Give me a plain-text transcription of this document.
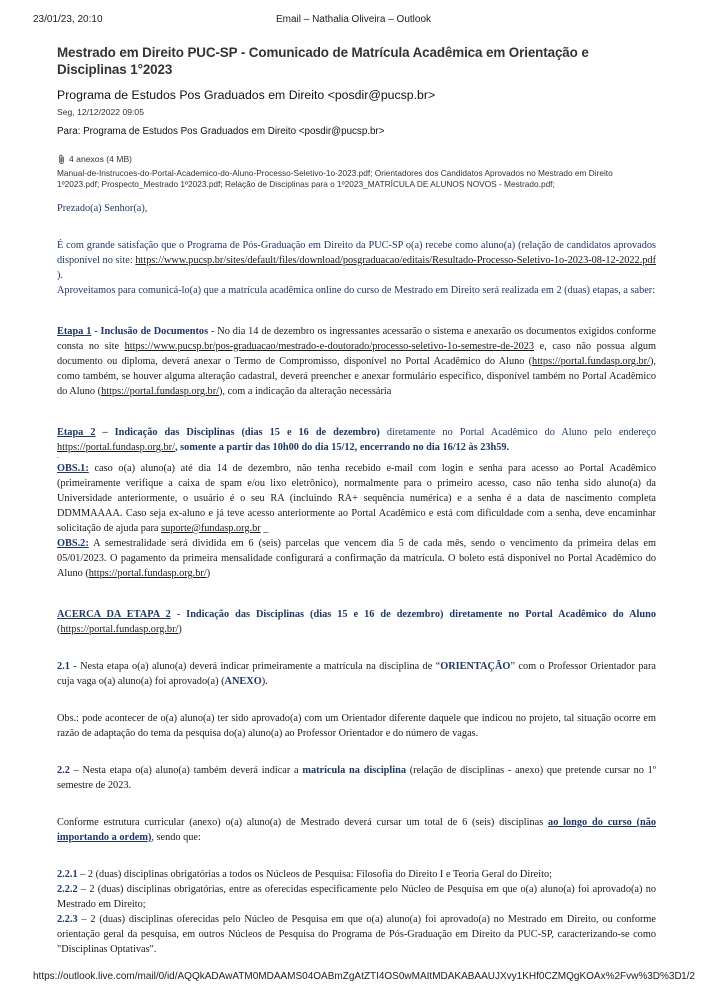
23/01/23, 20:10	Email – Nathalia Oliveira – Outlook
Mestrado em Direito PUC-SP - Comunicado de Matrícula Acadêmica em Orientação e Disciplinas 1°2023
Programa de Estudos Pos Graduados em Direito <posdir@pucsp.br>
Seg, 12/12/2022 09:05
Para: Programa de Estudos Pos Graduados em Direito <posdir@pucsp.br>
4 anexos (4 MB)
Manual-de-Instrucoes-do-Portal-Academico-do-Aluno-Processo-Seletivo-1o-2023.pdf; Orientadores dos Candidatos Aprovados no Mestrado em Direito 1º2023.pdf; Prospecto_Mestrado 1º2023.pdf; Relação de Disciplinas para o 1º2023_MATRÍCULA DE ALUNOS NOVOS - Mestrado.pdf;

Prezado(a) Senhor(a),

É com grande satisfação que o Programa de Pós-Graduação em Direito da PUC-SP o(a) recebe como aluno(a) (relação de candidatos aprovados disponível no site: https://www.pucsp.br/sites/default/files/download/posgraduacao/editais/Resultado-Processo-Seletivo-1o-2023-08-12-2022.pdf ).

Aproveitamos para comunicá-lo(a) que a matrícula acadêmica online do curso de Mestrado em Direito será realizada em 2 (duas) etapas, a saber:

Etapa 1 - Inclusão de Documentos - No dia 14 de dezembro os ingressantes acessarão o sistema e anexarão os documentos exigidos conforme consta no site https://www.pucsp.br/pos-graduacao/mestrado-e-doutorado/processo-seletivo-1o-semestre-de-2023 e, caso não possua algum documento ou diploma, deverá anexar o Termo de Compromisso, disponível no Portal Acadêmico do Aluno (https://portal.fundasp.org.br/), como também, se houver alguma alteração cadastral, deverá preencher e anexar formulário específico, disponível também no Portal Acadêmico do Aluno (https://portal.fundasp.org.br/), com a indicação da alteração necessária

Etapa 2 – Indicação das Disciplinas (dias 15 e 16 de dezembro) diretamente no Portal Acadêmico do Aluno pelo endereço https://portal.fundasp.org.br/, somente a partir das 10h00 do dia 15/12, encerrando no dia 16/12 às 23h59.

-

OBS.1: caso o(a) aluno(a) até dia 14 de dezembro, não tenha recebido e-mail com login e senha para acesso ao Portal Acadêmico (primeiramente verifique a caixa de spam e/ou lixo eletrônico), normalmente para o primeiro acesso, caso não tenha sido aluno(a) da Universidade anteriormente, o usuário é o seu RA (incluindo RA+ sequência numérica) e a senha é a data de nascimento completa DDMMAAAA. Caso seja ex-aluno e já teve acesso anteriormente ao Portal Acadêmico e está com dificuldade com a senha, deve encaminhar solicitação de ajuda para suporte@fundasp.org.br _

OBS.2: A semestralidade será dividida em 6 (seis) parcelas que vencem dia 5 de cada mês, sendo o vencimento da primeira delas em 05/01/2023. O pagamento da primeira mensalidade configurará a confirmação da matrícula. O boleto está disponível no Portal Acadêmico do Aluno (https://portal.fundasp.org.br/)

ACERCA DA ETAPA 2 - Indicação das Disciplinas (dias 15 e 16 de dezembro) diretamente no Portal Acadêmico do Aluno (https://portal.fundasp.org.br/)

2.1 - Nesta etapa o(a) aluno(a) deverá indicar primeiramente a matrícula na disciplina de “ORIENTAÇÃO” com o Professor Orientador para cuja vaga o(a) aluno(a) foi aprovado(a) (ANEXO).

Obs.: pode acontecer de o(a) aluno(a) ter sido aprovado(a) com um Orientador diferente daquele que indicou no projeto, tal situação ocorre em razão de adaptação do tema da pesquisa do(a) aluno(a) ao Professor Orientador e do número de vagas.

2.2 – Nesta etapa o(a) aluno(a) também deverá indicar a matrícula na disciplina (relação de disciplinas - anexo) que pretende cursar no 1º semestre de 2023.

Conforme estrutura curricular (anexo) o(a) aluno(a) de Mestrado deverá cursar um total de 6 (seis) disciplinas ao longo do curso (não importando a ordem), sendo que:

2.2.1 – 2 (duas) disciplinas obrigatórias a todos os Núcleos de Pesquisa: Filosofia do Direito I e Teoria Geral do Direito;

2.2.2 – 2 (duas) disciplinas obrigatórias, entre as oferecidas especificamente pelo Núcleo de Pesquisa em que o(a) aluno(a) foi aprovado(a) no Mestrado em Direito;

2.2.3 – 2 (duas) disciplinas oferecidas pelo Núcleo de Pesquisa em que o(a) aluno(a) foi aprovado(a) no Mestrado em Direito, ou conforme orientação geral da pesquisa, em outros Núcleos de Pesquisa do Programa de Pós-Graduação em Direito da PUC-SP, caracterizando-se como "Disciplinas Optativas".

https://outlook.live.com/mail/0/id/AQQkADAwATM0MDAAMS04OABmZgAtZTI4OS0wMAItMDAKABAAUJXvy1KHf0CZMQgKOAx%2Fvw%3D%3D 1/2
